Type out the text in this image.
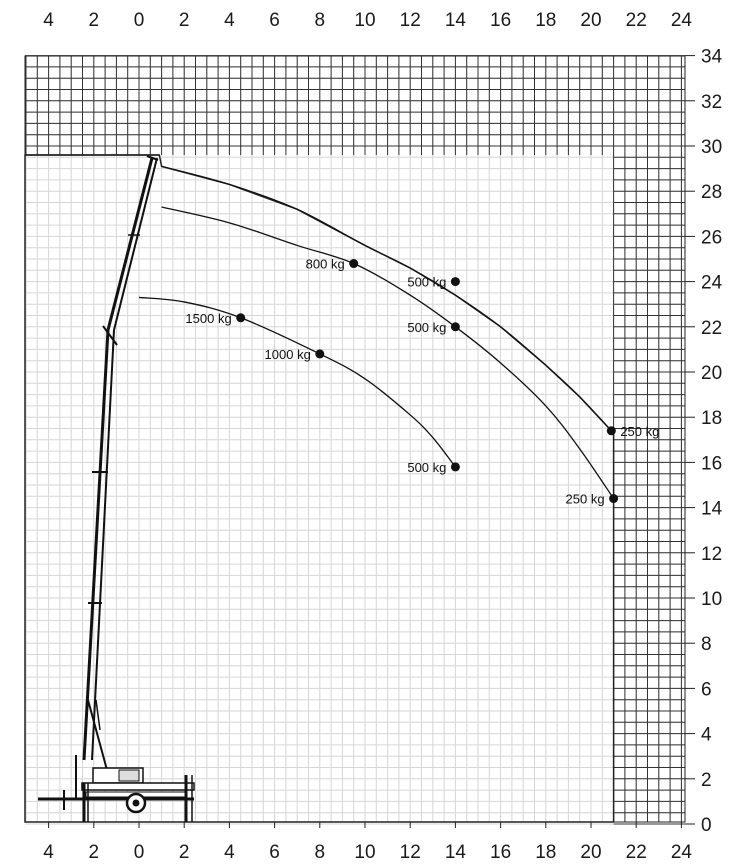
500 kg
250 kg
800 kg
500 kg
250 kg
1500 kg
1000 kg
500 kg
4
4
2
2
0
0
2
2
4
4
6
6
8
8
10
10
12
12
14
14
16
16
18
18
20
20
22
22
24
24
0
2
4
6
8
10
12
14
16
18
20
22
24
26
28
30
32
34
